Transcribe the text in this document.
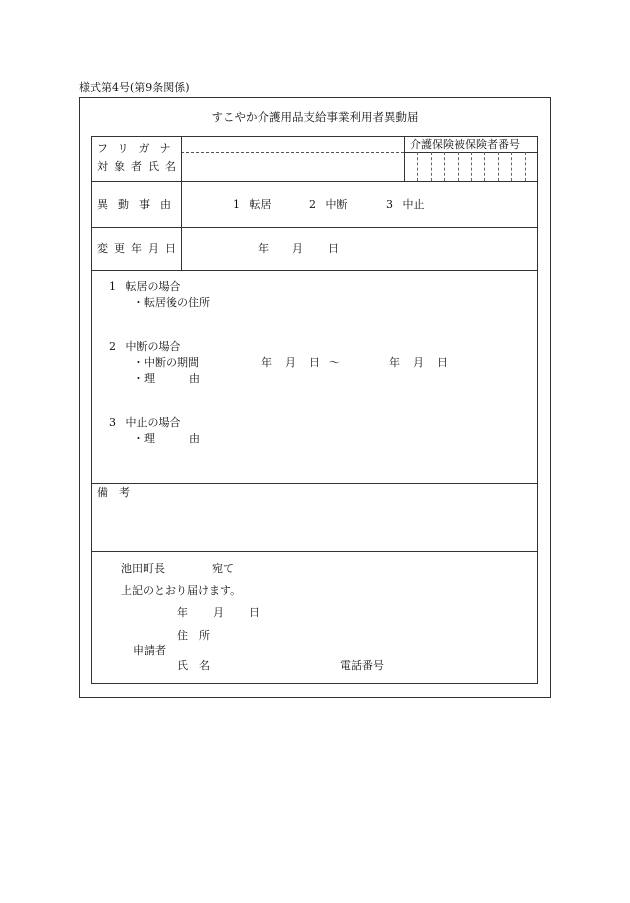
様式第4号(第9条関係)
すこやか介護用品支給事業利用者異動届
フリガナ
対象者氏名
介護保険被保険者番号
異動事由	1 転居	2 中断	3 中止
変更年月日	年 月 日
1 転居の場合
・転居後の住所
2 中断の場合
・中断の期間	年 月 日 ～	年 月 日
・理	由
3 中止の場合
・理	由
備　考
池田町長	宛て
上記のとおり届けます。
年 月 日
住　所
申請者
氏　名	電話番号
